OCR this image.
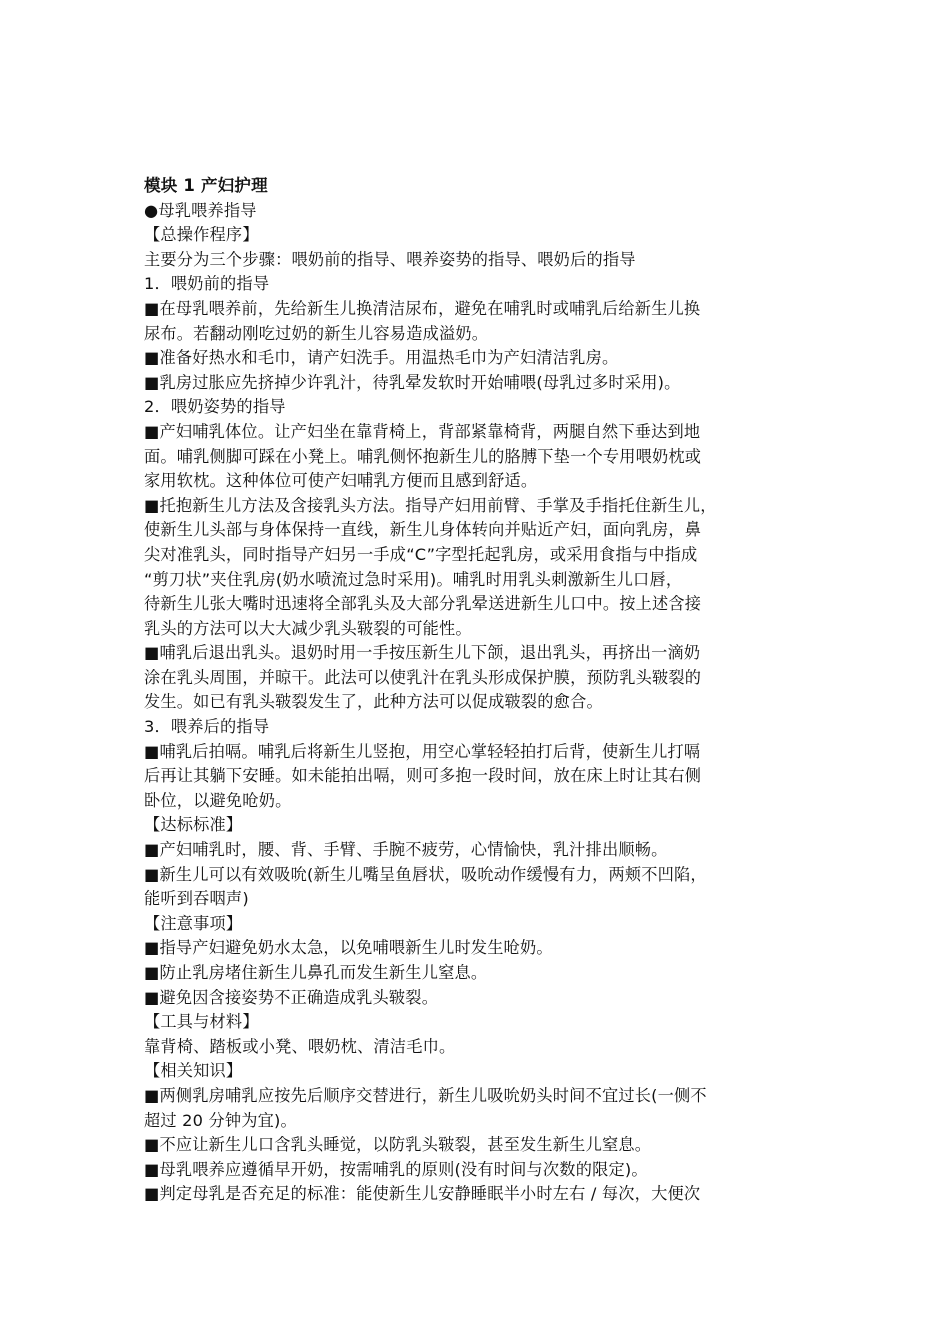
模块 1 产妇护理

●母乳喂养指导

【总操作程序】

主要分为三个步骤：喂奶前的指导、喂养姿势的指导、喂奶后的指导

1．喂奶前的指导

■在母乳喂养前，先给新生儿换清洁尿布，避免在哺乳时或哺乳后给新生儿换

尿布。若翻动刚吃过奶的新生儿容易造成溢奶。

■准备好热水和毛巾，请产妇洗手。用温热毛巾为产妇清洁乳房。

■乳房过胀应先挤掉少许乳汁，待乳晕发软时开始哺喂(母乳过多时采用)。

2．喂奶姿势的指导

■产妇哺乳体位。让产妇坐在靠背椅上，背部紧靠椅背，两腿自然下垂达到地

面。哺乳侧脚可踩在小凳上。哺乳侧怀抱新生儿的胳膊下垫一个专用喂奶枕或

家用软枕。这种体位可使产妇哺乳方便而且感到舒适。

■托抱新生儿方法及含接乳头方法。指导产妇用前臂、手掌及手指托住新生儿，

使新生儿头部与身体保持一直线，新生儿身体转向并贴近产妇，面向乳房，鼻

尖对准乳头，同时指导产妇另一手成“C”字型托起乳房，或采用食指与中指成

“剪刀状”夹住乳房(奶水喷流过急时采用)。哺乳时用乳头刺激新生儿口唇，

待新生儿张大嘴时迅速将全部乳头及大部分乳晕送进新生儿口中。按上述含接

乳头的方法可以大大减少乳头皲裂的可能性。

■哺乳后退出乳头。退奶时用一手按压新生儿下颌，退出乳头，再挤出一滴奶

涂在乳头周围，并晾干。此法可以使乳汁在乳头形成保护膜，预防乳头皲裂的

发生。如已有乳头皲裂发生了，此种方法可以促成皲裂的愈合。

3．喂养后的指导

■哺乳后拍嗝。哺乳后将新生儿竖抱，用空心掌轻轻拍打后背，使新生儿打嗝

后再让其躺下安睡。如未能拍出嗝，则可多抱一段时间，放在床上时让其右侧

卧位，以避免呛奶。

【达标标准】

■产妇哺乳时，腰、背、手臂、手腕不疲劳，心情愉快，乳汁排出顺畅。

■新生儿可以有效吸吮(新生儿嘴呈鱼唇状，吸吮动作缓慢有力，两颊不凹陷，

能听到吞咽声)

【注意事项】

■指导产妇避免奶水太急，以免哺喂新生儿时发生呛奶。

■防止乳房堵住新生儿鼻孔而发生新生儿窒息。

■避免因含接姿势不正确造成乳头皲裂。

【工具与材料】

靠背椅、踏板或小凳、喂奶枕、清洁毛巾。

【相关知识】

■两侧乳房哺乳应按先后顺序交替进行，新生儿吸吮奶头时间不宜过长(一侧不

超过 20 分钟为宜)。

■不应让新生儿口含乳头睡觉，以防乳头皲裂，甚至发生新生儿窒息。

■母乳喂养应遵循早开奶，按需哺乳的原则(没有时间与次数的限定)。

■判定母乳是否充足的标准：能使新生儿安静睡眠半小时左右 / 每次，大便次
